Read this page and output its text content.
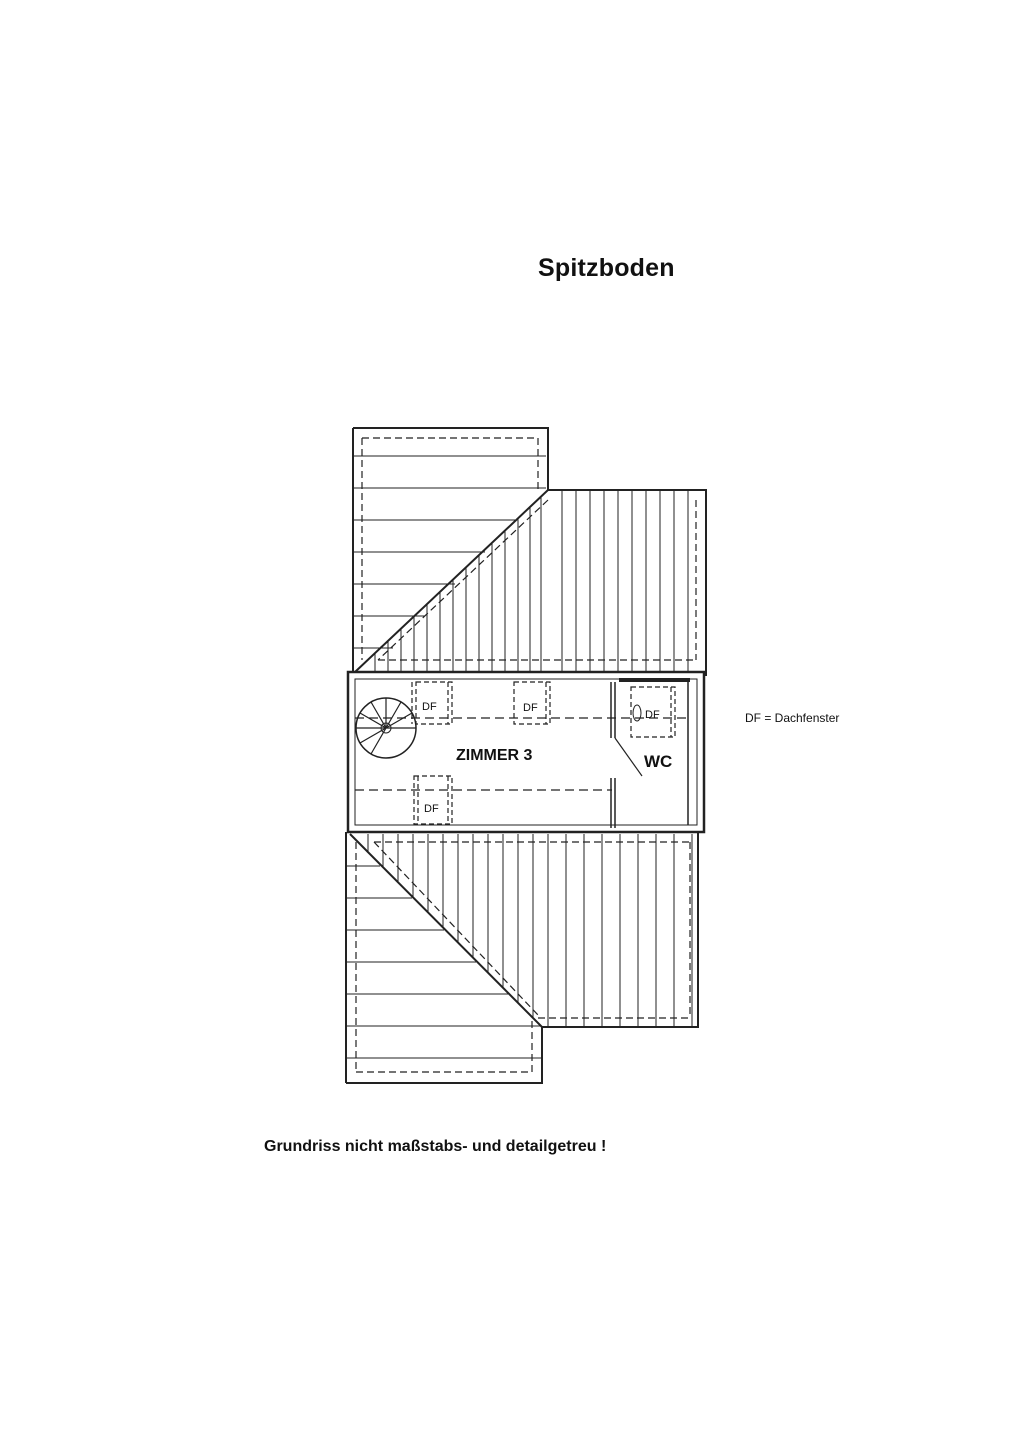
Spitzboden
DF = Dachfenster
Grundriss nicht maßstabs- und detailgetreu !
ZIMMER 3	WC
DF	DF
DF
DF
